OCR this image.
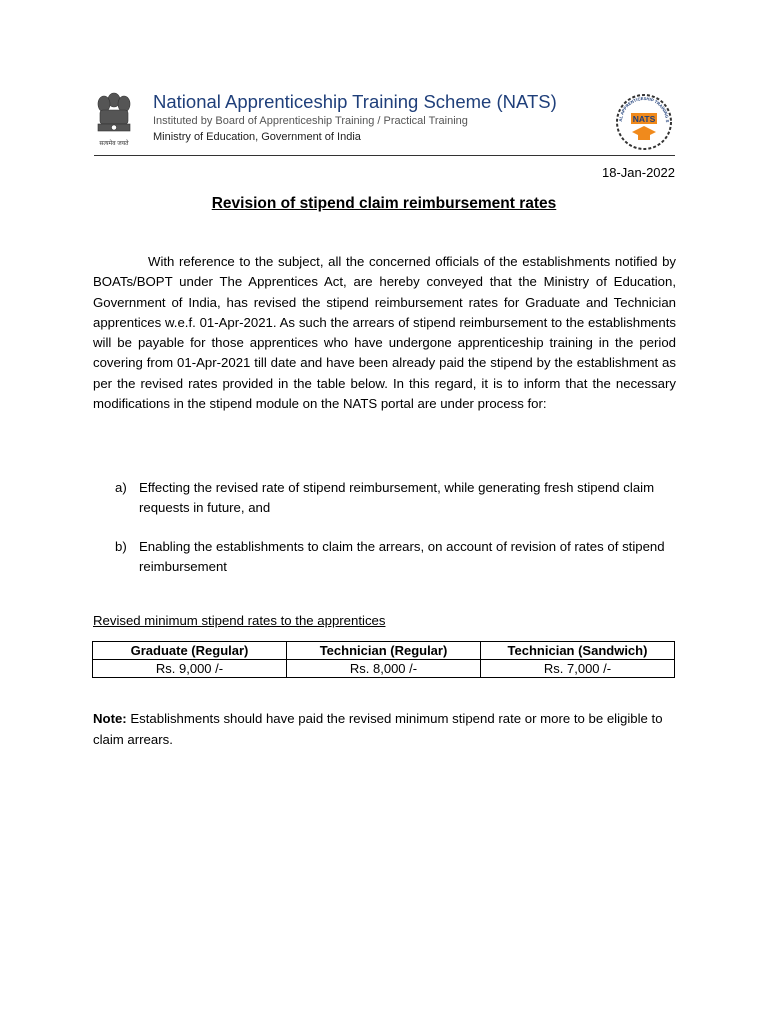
सत्यमेव जयते
National Apprenticeship Training Scheme (NATS)
Instituted by Board of Apprenticeship Training / Practical Training
Ministry of Education, Government of India
AL APPRENTICESHIP TRAINING S
NATS
18-Jan-2022
Revision of stipend claim reimbursement rates

With reference to the subject, all the concerned officials of the establishments notified by BOATs/BOPT under The Apprentices Act, are hereby conveyed that the Ministry of Education, Government of India, has revised the stipend reimbursement rates for Graduate and Technician apprentices w.e.f. 01-Apr-2021. As such the arrears of stipend reimbursement to the establishments will be payable for those apprentices who have undergone apprenticeship training in the period covering from 01-Apr-2021 till date and have been already paid the stipend by the establishment as per the revised rates provided in the table below. In this regard, it is to inform that the necessary modifications in the stipend module on the NATS portal are under process for:

a) Effecting the revised rate of stipend reimbursement, while generating fresh stipend claim requests in future, and
b) Enabling the establishments to claim the arrears, on account of revision of rates of stipend reimbursement
Revised minimum stipend rates to the apprentices
Graduate (Regular)	Technician (Regular)	Technician (Sandwich)
Rs. 9,000 /-	Rs. 8,000 /-	Rs. 7,000 /-

Note: Establishments should have paid the revised minimum stipend rate or more to be eligible to claim arrears.
